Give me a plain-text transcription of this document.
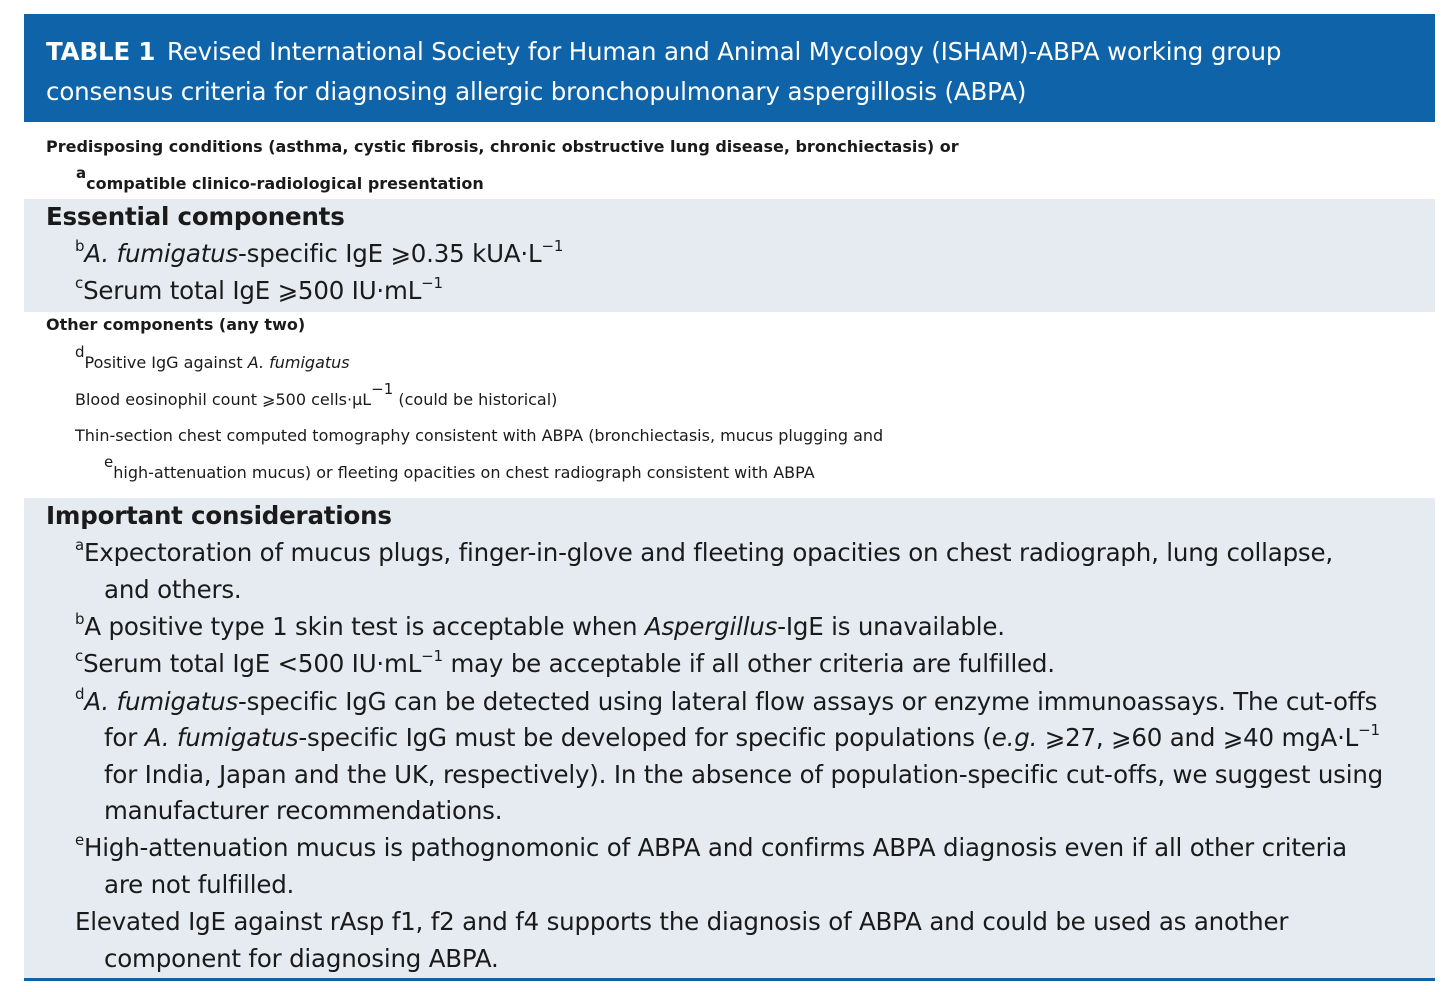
TABLE 1 Revised International Society for Human and Animal Mycology (ISHAM)-ABPA working group
consensus criteria for diagnosing allergic bronchopulmonary aspergillosis (ABPA)
Predisposing conditions (asthma, cystic fibrosis, chronic obstructive lung disease, bronchiectasis) or
$^a$compatible clinico-radiological presentation
Essential components
$^b$A. fumigatus-specific IgE ⩾0.35 $kUA\cdot L^{-1}$
$^c$Serum total IgE ⩾500 $IU\cdot mL^{-1}$
Other components (any two)
$^d$Positive IgG against A. fumigatus
Blood eosinophil count ⩾500 cells·µL$^{-1}$ (could be historical)
Thin-section chest computed tomography consistent with ABPA (bronchiectasis, mucus plugging and
$^e$high-attenuation mucus) or fleeting opacities on chest radiograph consistent with ABPA
Important considerations
$^a$Expectoration of mucus plugs, finger-in-glove and fleeting opacities on chest radiograph, lung collapse,
and others.
$^b$A positive type 1 skin test is acceptable when Aspergillus-IgE is unavailable.
$^c$Serum total IgE <500 $IU\cdot mL^{-1}$ may be acceptable if all other criteria are fulfilled.
$^d$A. fumigatus-specific IgG can be detected using lateral flow assays or enzyme immunoassays. The cut-offs
for A. fumigatus-specific IgG must be developed for specific populations (e.g. ⩾27, ⩾60 and ⩾40 $mgA\cdot L^{-1}$
for India, Japan and the UK, respectively). In the absence of population-specific cut-offs, we suggest using
manufacturer recommendations.
$^e$High-attenuation mucus is pathognomonic of ABPA and confirms ABPA diagnosis even if all other criteria
are not fulfilled.
Elevated IgE against rAsp f1, f2 and f4 supports the diagnosis of ABPA and could be used as another
component for diagnosing ABPA.
